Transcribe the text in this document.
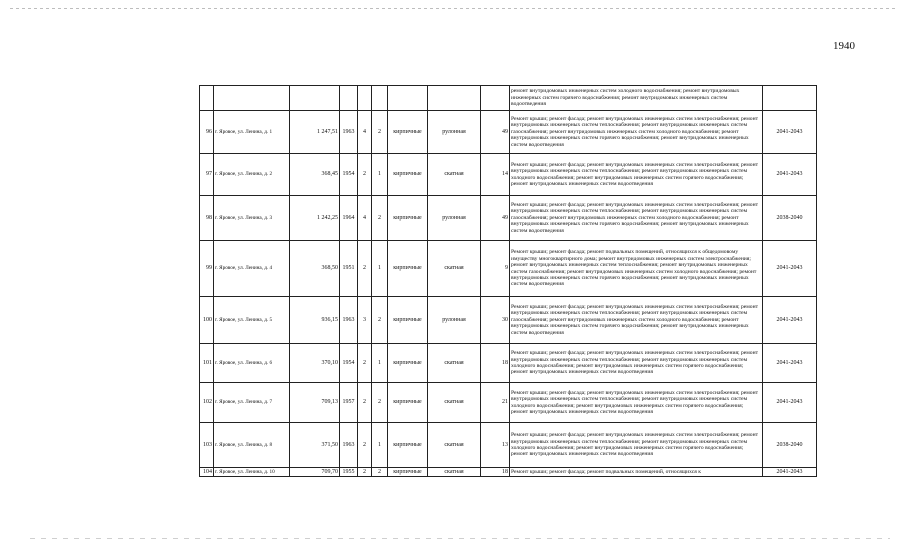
1940
									ремонт внутридомовых инженерных систем холодного водоснабжения; ремонт внутридомовых инженерных систем горячего водоснабжения; ремонт внутридомовых инженерных систем водоотведения	
96	г. Яровое, ул. Ленина, д. 1	1 247,51	1963	4	2	кирпичные	рулонная	49	Ремонт крыши; ремонт фасада; ремонт внутридомовых инженерных систем электроснабжения; ремонт внутридомовых инженерных систем теплоснабжения; ремонт внутридомовых инженерных систем газоснабжения; ремонт внутридомовых инженерных систем холодного водоснабжения; ремонт внутридомовых инженерных систем горячего водоснабжения; ремонт внутридомовых инженерных систем водоотведения	2041-2043
97	г. Яровое, ул. Ленина, д. 2	368,45	1954	2	1	кирпичные	скатная	14	Ремонт крыши; ремонт фасада; ремонт внутридомовых инженерных систем электроснабжения; ремонт внутридомовых инженерных систем теплоснабжения; ремонт внутридомовых инженерных систем холодного водоснабжения; ремонт внутридомовых инженерных систем горячего водоснабжения; ремонт внутридомовых инженерных систем водоотведения	2041-2043
98	г. Яровое, ул. Ленина, д. 3	1 242,25	1964	4	2	кирпичные	рулонная	49	Ремонт крыши; ремонт фасада; ремонт внутридомовых инженерных систем электроснабжения; ремонт внутридомовых инженерных систем теплоснабжения; ремонт внутридомовых инженерных систем газоснабжения; ремонт внутридомовых инженерных систем холодного водоснабжения; ремонт внутридомовых инженерных систем горячего водоснабжения; ремонт внутридомовых инженерных систем водоотведения	2038-2040
99	г. Яровое, ул. Ленина, д. 4	368,50	1951	2	1	кирпичные	скатная	9	Ремонт крыши; ремонт фасада; ремонт подвальных помещений, относящихся к общедомовому имуществу многоквартирного дома; ремонт внутридомовых инженерных систем электроснабжения; ремонт внутридомовых инженерных систем теплоснабжения; ремонт внутридомовых инженерных систем газоснабжения; ремонт внутридомовых инженерных систем холодного водоснабжения; ремонт внутридомовых инженерных систем горячего водоснабжения; ремонт внутридомовых инженерных систем водоотведения	2041-2043
100	г. Яровое, ул. Ленина, д. 5	936,15	1963	3	2	кирпичные	рулонная	30	Ремонт крыши; ремонт фасада; ремонт внутридомовых инженерных систем электроснабжения; ремонт внутридомовых инженерных систем теплоснабжения; ремонт внутридомовых инженерных систем газоснабжения; ремонт внутридомовых инженерных систем холодного водоснабжения; ремонт внутридомовых инженерных систем горячего водоснабжения; ремонт внутридомовых инженерных систем водоотведения	2041-2043
101	г. Яровое, ул. Ленина, д. 6	370,10	1954	2	1	кирпичные	скатная	18	Ремонт крыши; ремонт фасада; ремонт внутридомовых инженерных систем электроснабжения; ремонт внутридомовых инженерных систем теплоснабжения; ремонт внутридомовых инженерных систем холодного водоснабжения; ремонт внутридомовых инженерных систем горячего водоснабжения; ремонт внутридомовых инженерных систем водоотведения	2041-2043
102	г. Яровое, ул. Ленина, д. 7	709,13	1957	2	2	кирпичные	скатная	21	Ремонт крыши; ремонт фасада; ремонт внутридомовых инженерных систем электроснабжения; ремонт внутридомовых инженерных систем теплоснабжения; ремонт внутридомовых инженерных систем холодного водоснабжения; ремонт внутридомовых инженерных систем горячего водоснабжения; ремонт внутридомовых инженерных систем водоотведения	2041-2043
103	г. Яровое, ул. Ленина, д. 8	371,50	1963	2	1	кирпичные	скатная	13	Ремонт крыши; ремонт фасада; ремонт внутридомовых инженерных систем электроснабжения; ремонт внутридомовых инженерных систем теплоснабжения; ремонт внутридомовых инженерных систем холодного водоснабжения; ремонт внутридомовых инженерных систем горячего водоснабжения; ремонт внутридомовых инженерных систем водоотведения	2038-2040
104	г. Яровое, ул. Ленина, д. 10	709,70	1955	2	2	кирпичные	скатная	18	Ремонт крыши; ремонт фасада; ремонт подвальных помещений, относящихся к	2041-2043
